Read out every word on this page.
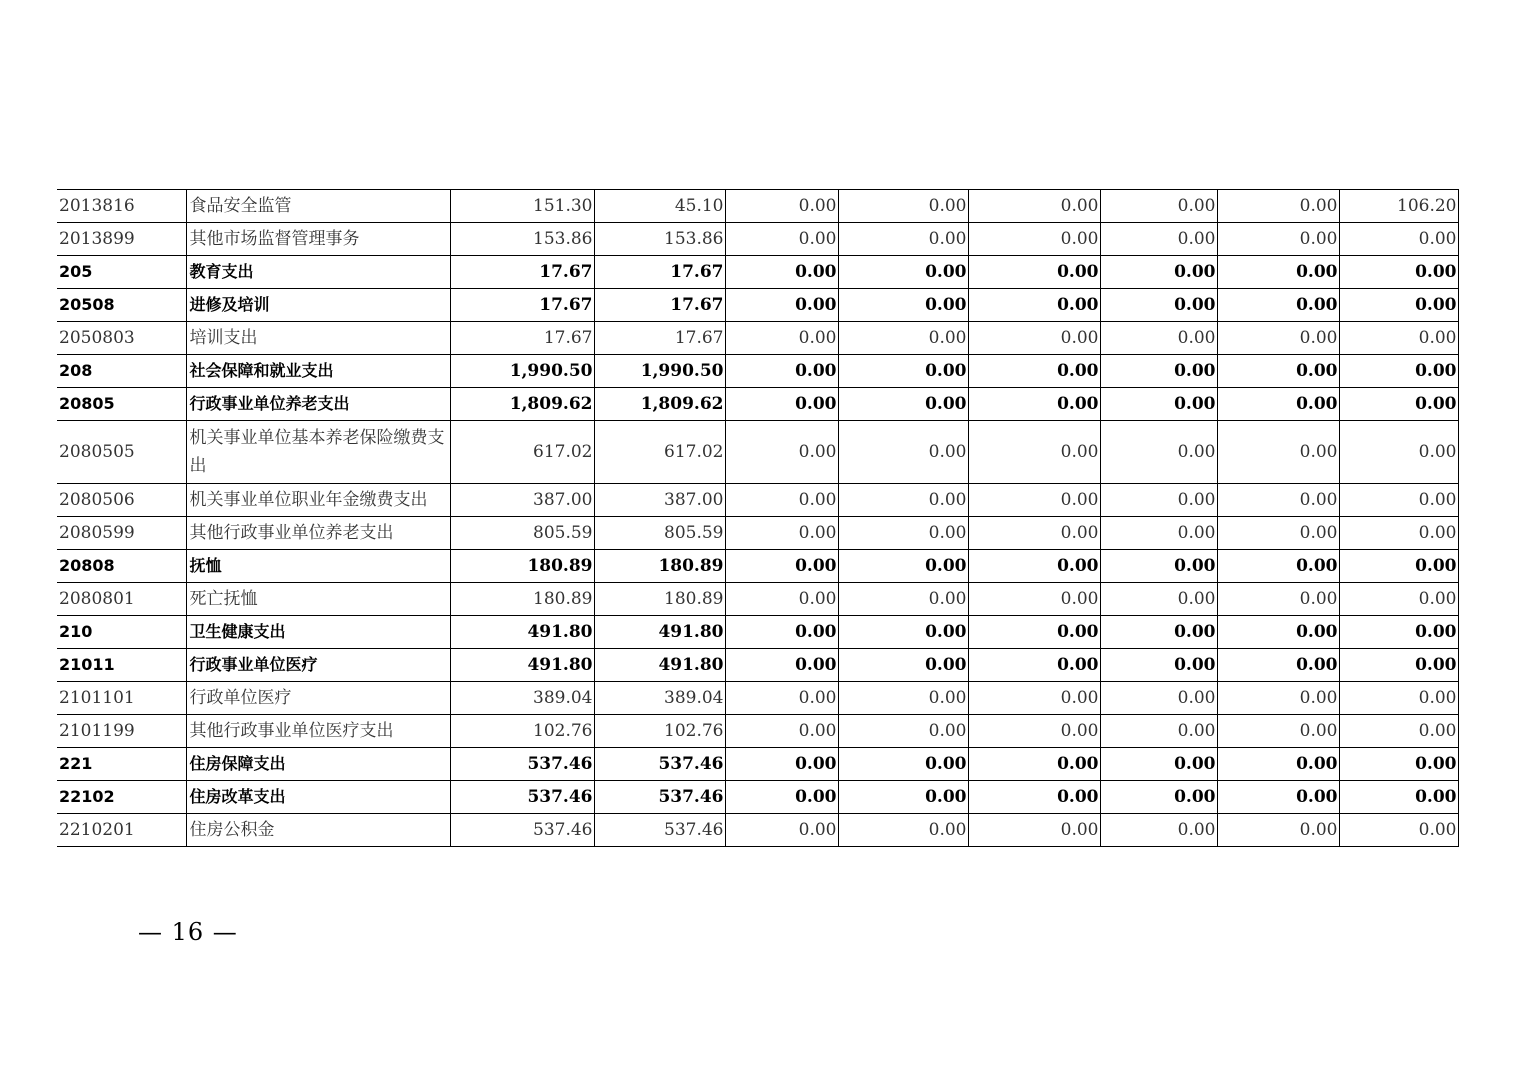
2013816	食品安全监管	151.30	45.10	0.00	0.00	0.00	0.00	0.00	106.20
2013899	其他市场监督管理事务	153.86	153.86	0.00	0.00	0.00	0.00	0.00	0.00
205	教育支出	17.67	17.67	0.00	0.00	0.00	0.00	0.00	0.00
20508	进修及培训	17.67	17.67	0.00	0.00	0.00	0.00	0.00	0.00
2050803	培训支出	17.67	17.67	0.00	0.00	0.00	0.00	0.00	0.00
208	社会保障和就业支出	1,990.50	1,990.50	0.00	0.00	0.00	0.00	0.00	0.00
20805	行政事业单位养老支出	1,809.62	1,809.62	0.00	0.00	0.00	0.00	0.00	0.00
2080505	机关事业单位基本养老保险缴费支出	617.02	617.02	0.00	0.00	0.00	0.00	0.00	0.00
2080506	机关事业单位职业年金缴费支出	387.00	387.00	0.00	0.00	0.00	0.00	0.00	0.00
2080599	其他行政事业单位养老支出	805.59	805.59	0.00	0.00	0.00	0.00	0.00	0.00
20808	抚恤	180.89	180.89	0.00	0.00	0.00	0.00	0.00	0.00
2080801	死亡抚恤	180.89	180.89	0.00	0.00	0.00	0.00	0.00	0.00
210	卫生健康支出	491.80	491.80	0.00	0.00	0.00	0.00	0.00	0.00
21011	行政事业单位医疗	491.80	491.80	0.00	0.00	0.00	0.00	0.00	0.00
2101101	行政单位医疗	389.04	389.04	0.00	0.00	0.00	0.00	0.00	0.00
2101199	其他行政事业单位医疗支出	102.76	102.76	0.00	0.00	0.00	0.00	0.00	0.00
221	住房保障支出	537.46	537.46	0.00	0.00	0.00	0.00	0.00	0.00
22102	住房改革支出	537.46	537.46	0.00	0.00	0.00	0.00	0.00	0.00
2210201	住房公积金	537.46	537.46	0.00	0.00	0.00	0.00	0.00	0.00
— 16 —
